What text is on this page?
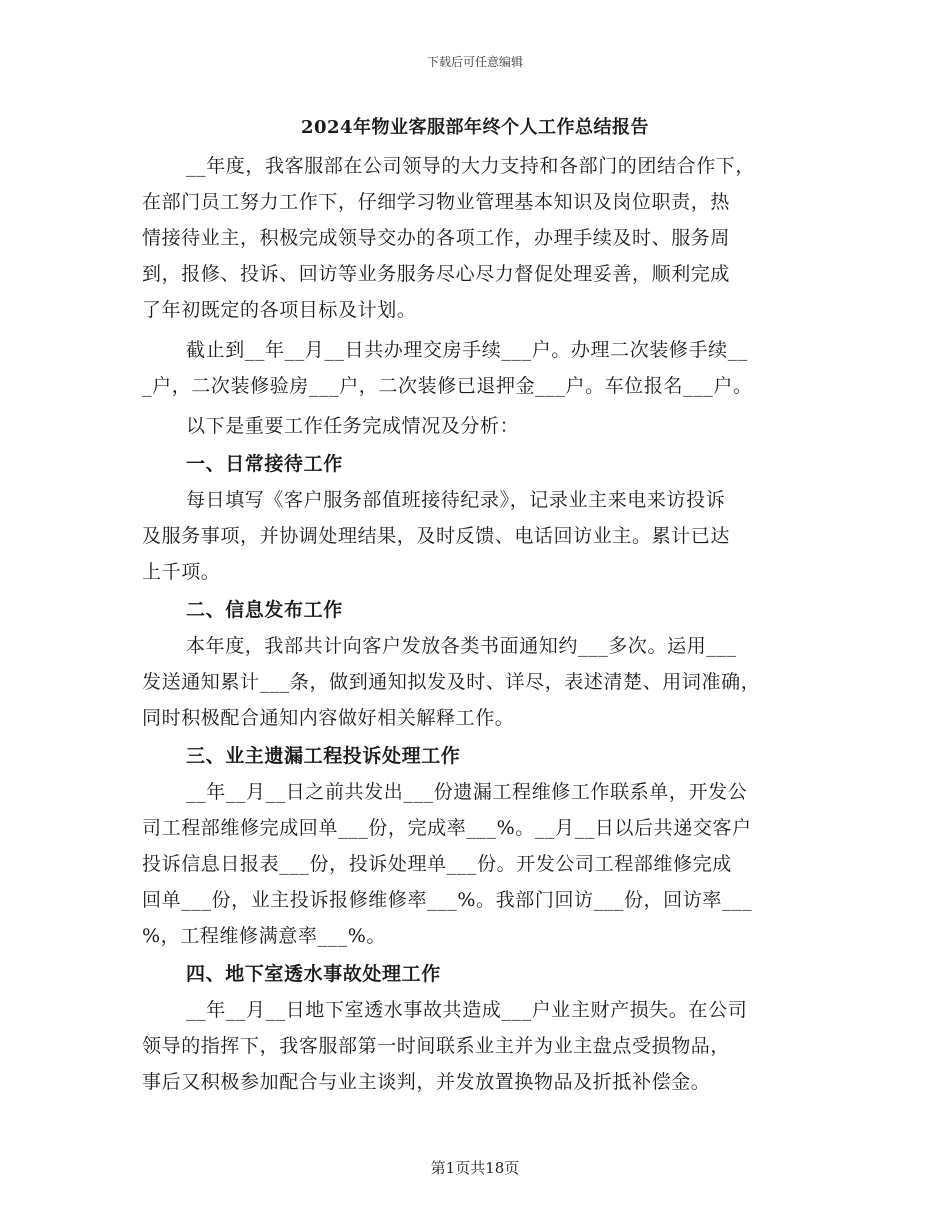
下载后可任意编辑
2024年物业客服部年终个人工作总结报告
__年度，我客服部在公司领导的大力支持和各部门的团结合作下，
在部门员工努力工作下，仔细学习物业管理基本知识及岗位职责，热
情接待业主，积极完成领导交办的各项工作，办理手续及时、服务周
到，报修、投诉、回访等业务服务尽心尽力督促处理妥善，顺利完成
了年初既定的各项目标及计划。
截止到__年__月__日共办理交房手续___户。办理二次装修手续__
_户，二次装修验房___户，二次装修已退押金___户。车位报名___户。
以下是重要工作任务完成情况及分析：
一、日常接待工作
每日填写《客户服务部值班接待纪录》，记录业主来电来访投诉
及服务事项，并协调处理结果，及时反馈、电话回访业主。累计已达
上千项。
二、信息发布工作
本年度，我部共计向客户发放各类书面通知约___多次。运用___
发送通知累计___条，做到通知拟发及时、详尽，表述清楚、用词准确，
同时积极配合通知内容做好相关解释工作。
三、业主遗漏工程投诉处理工作
__年__月__日之前共发出___份遗漏工程维修工作联系单，开发公
司工程部维修完成回单___份，完成率___%。__月__日以后共递交客户
投诉信息日报表___份，投诉处理单___份。开发公司工程部维修完成
回单___份，业主投诉报修维修率___%。我部门回访___份，回访率___
%，工程维修满意率___%。
四、地下室透水事故处理工作
__年__月__日地下室透水事故共造成___户业主财产损失。在公司
领导的指挥下，我客服部第一时间联系业主并为业主盘点受损物品，
事后又积极参加配合与业主谈判，并发放置换物品及折抵补偿金。
第1页共18页
